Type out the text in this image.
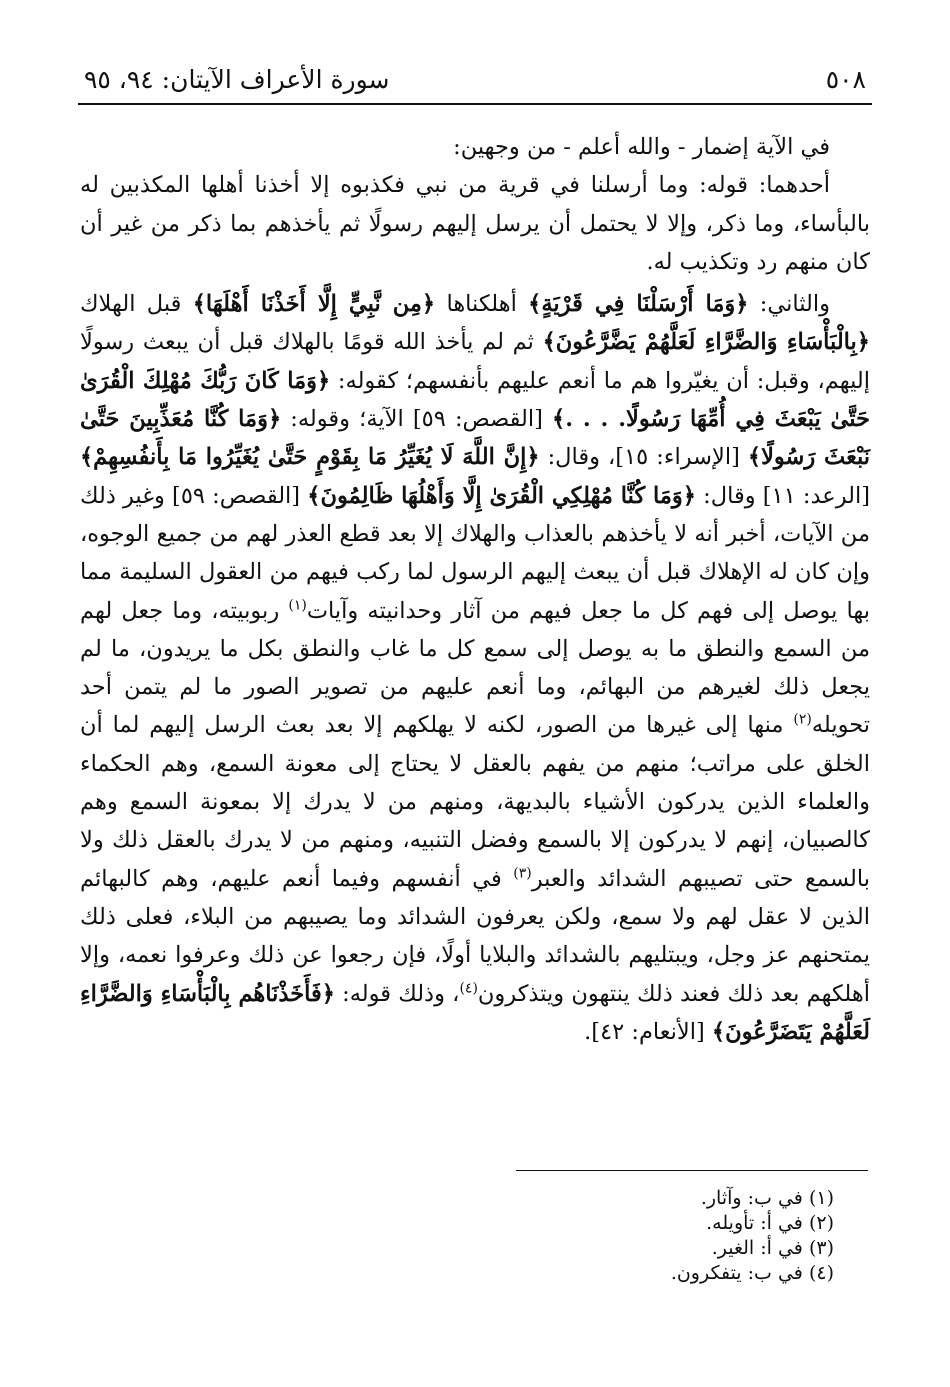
٥٠٨
سورة الأعراف الآيتان: ٩٤، ٩٥

في الآية إضمار - والله أعلم - من وجهين:

أحدهما: قوله: وما أرسلنا في قرية من نبي فكذبوه إلا أخذنا أهلها المكذبين له بالبأساء، وما ذكر، وإلا لا يحتمل أن يرسل إليهم رسولًا ثم يأخذهم بما ذكر من غير أن كان منهم رد وتكذيب له.

والثاني: ﴿وَمَا أَرْسَلْنَا فِي قَرْيَةٍ﴾ أهلكناها ﴿مِن نَّبِيٍّ إِلَّا أَخَذْنَا أَهْلَهَا﴾ قبل الهلاك ﴿بِالْبَأْسَاءِ وَالضَّرَّاءِ لَعَلَّهُمْ يَضَّرَّعُونَ﴾ ثم لم يأخذ الله قومًا بالهلاك قبل أن يبعث رسولًا إليهم، وقبل: أن يغيّروا هم ما أنعم عليهم بأنفسهم؛ كقوله: ﴿وَمَا كَانَ رَبُّكَ مُهْلِكَ الْقُرَىٰ حَتَّىٰ يَبْعَثَ فِي أُمِّهَا رَسُولًا. . . .﴾ [القصص: ٥٩] الآية؛ وقوله: ﴿وَمَا كُنَّا مُعَذِّبِينَ حَتَّىٰ نَبْعَثَ رَسُولًا﴾ [الإسراء: ١٥]، وقال: ﴿إِنَّ اللَّهَ لَا يُغَيِّرُ مَا بِقَوْمٍ حَتَّىٰ يُغَيِّرُوا مَا بِأَنفُسِهِمْ﴾ [الرعد: ١١] وقال: ﴿وَمَا كُنَّا مُهْلِكِي الْقُرَىٰ إِلَّا وَأَهْلُهَا ظَالِمُونَ﴾ [القصص: ٥٩] وغير ذلك من الآيات، أخبر أنه لا يأخذهم بالعذاب والهلاك إلا بعد قطع العذر لهم من جميع الوجوه، وإن كان له الإهلاك قبل أن يبعث إليهم الرسول لما ركب فيهم من العقول السليمة مما بها يوصل إلى فهم كل ما جعل فيهم من آثار وحدانيته وآيات$^{(١)}$ ربوبيته، وما جعل لهم من السمع والنطق ما به يوصل إلى سمع كل ما غاب والنطق بكل ما يريدون، ما لم يجعل ذلك لغيرهم من البهائم، وما أنعم عليهم من تصوير الصور ما لم يتمن أحد تحويله$^{(٢)}$ منها إلى غيرها من الصور، لكنه لا يهلكهم إلا بعد بعث الرسل إليهم لما أن الخلق على مراتب؛ منهم من يفهم بالعقل لا يحتاج إلى معونة السمع، وهم الحكماء والعلماء الذين يدركون الأشياء بالبديهة، ومنهم من لا يدرك إلا بمعونة السمع وهم كالصبيان، إنهم لا يدركون إلا بالسمع وفضل التنبيه، ومنهم من لا يدرك بالعقل ذلك ولا بالسمع حتى تصيبهم الشدائد والعبر$^{(٣)}$ في أنفسهم وفيما أنعم عليهم، وهم كالبهائم الذين لا عقل لهم ولا سمع، ولكن يعرفون الشدائد وما يصيبهم من البلاء، فعلى ذلك يمتحنهم عز وجل، ويبتليهم بالشدائد والبلايا أولًا، فإن رجعوا عن ذلك وعرفوا نعمه، وإلا أهلكهم بعد ذلك فعند ذلك ينتهون ويتذكرون$^{(٤)}$، وذلك قوله: ﴿فَأَخَذْنَاهُم بِالْبَأْسَاءِ وَالضَّرَّاءِ لَعَلَّهُمْ يَتَضَرَّعُونَ﴾ [الأنعام: ٤٢].

(١) في ب: وآثار.
(٢) في أ: تأويله.
(٣) في أ: الغير.
(٤) في ب: يتفكرون.
